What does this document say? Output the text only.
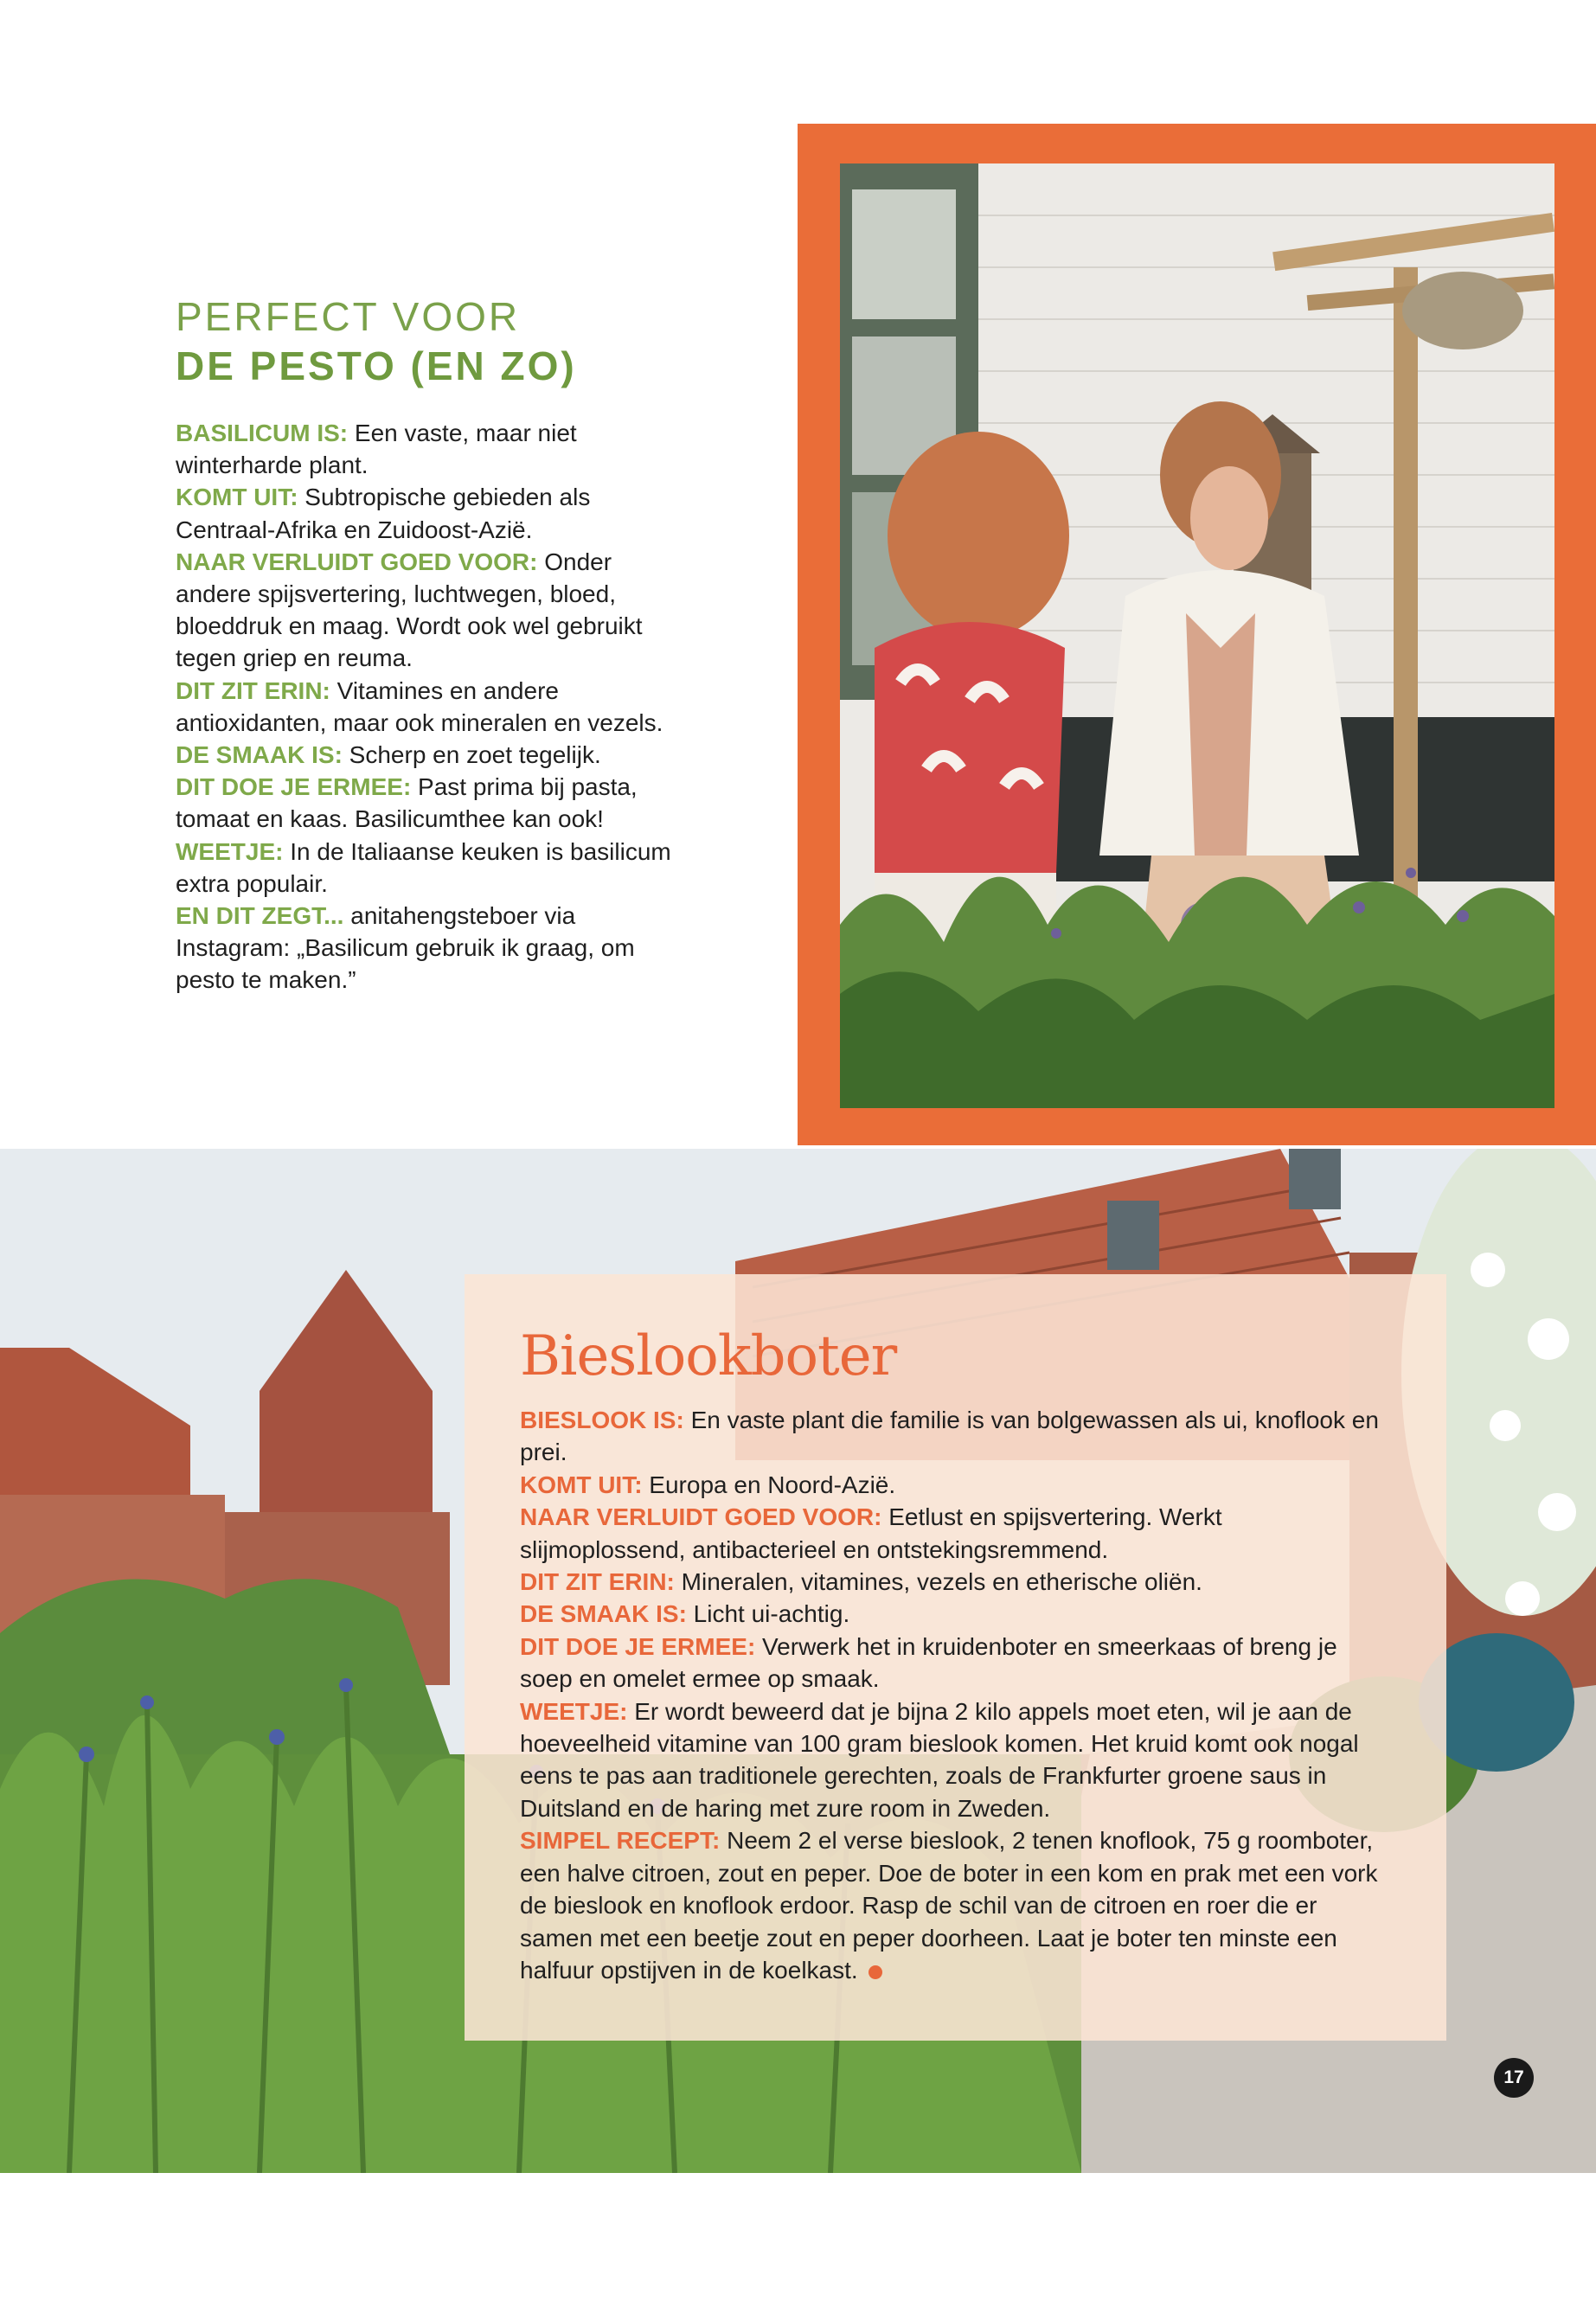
PERFECT VOOR
DE PESTO (EN ZO)

BASILICUM IS: Een vaste, maar niet winterharde plant.

KOMT UIT: Subtropische gebieden als Centraal-Afrika en Zuidoost-Azië.

NAAR VERLUIDT GOED VOOR: Onder andere spijsvertering, luchtwegen, bloed, bloeddruk en maag. Wordt ook wel gebruikt tegen griep en reuma.

DIT ZIT ERIN: Vitamines en andere antioxidanten, maar ook mineralen en vezels.

DE SMAAK IS: Scherp en zoet tegelijk.

DIT DOE JE ERMEE: Past prima bij pasta, tomaat en kaas. Basilicumthee kan ook!

WEETJE: In de Italiaanse keuken is basilicum extra populair.

EN DIT ZEGT... anitahengsteboer via Instagram: „Basilicum gebruik ik graag, om pesto te maken.”

Bieslookboter

BIESLOOK IS: En vaste plant die familie is van bolgewassen als ui, knoflook en prei.

KOMT UIT: Europa en Noord-Azië.

NAAR VERLUIDT GOED VOOR: Eetlust en spijsvertering. Werkt slijmoplossend, antibacterieel en ontstekingsremmend.

DIT ZIT ERIN: Mineralen, vitamines, vezels en etherische oliën.

DE SMAAK IS: Licht ui-achtig.

DIT DOE JE ERMEE: Verwerk het in kruidenboter en smeerkaas of breng je soep en omelet ermee op smaak.

WEETJE: Er wordt beweerd dat je bijna 2 kilo appels moet eten, wil je aan de hoeveelheid vitamine van 100 gram bieslook komen. Het kruid komt ook nogal eens te pas aan traditionele gerechten, zoals de Frankfurter groene saus in Duitsland en de haring met zure room in Zweden.

SIMPEL RECEPT: Neem 2 el verse bieslook, 2 tenen knoflook, 75 g roomboter, een halve citroen, zout en peper. Doe de boter in een kom en prak met een vork de bieslook en knoflook erdoor. Rasp de schil van de citroen en roer die er samen met een beetje zout en peper doorheen. Laat je boter ten minste een halfuur opstijven in de koelkast.

17
